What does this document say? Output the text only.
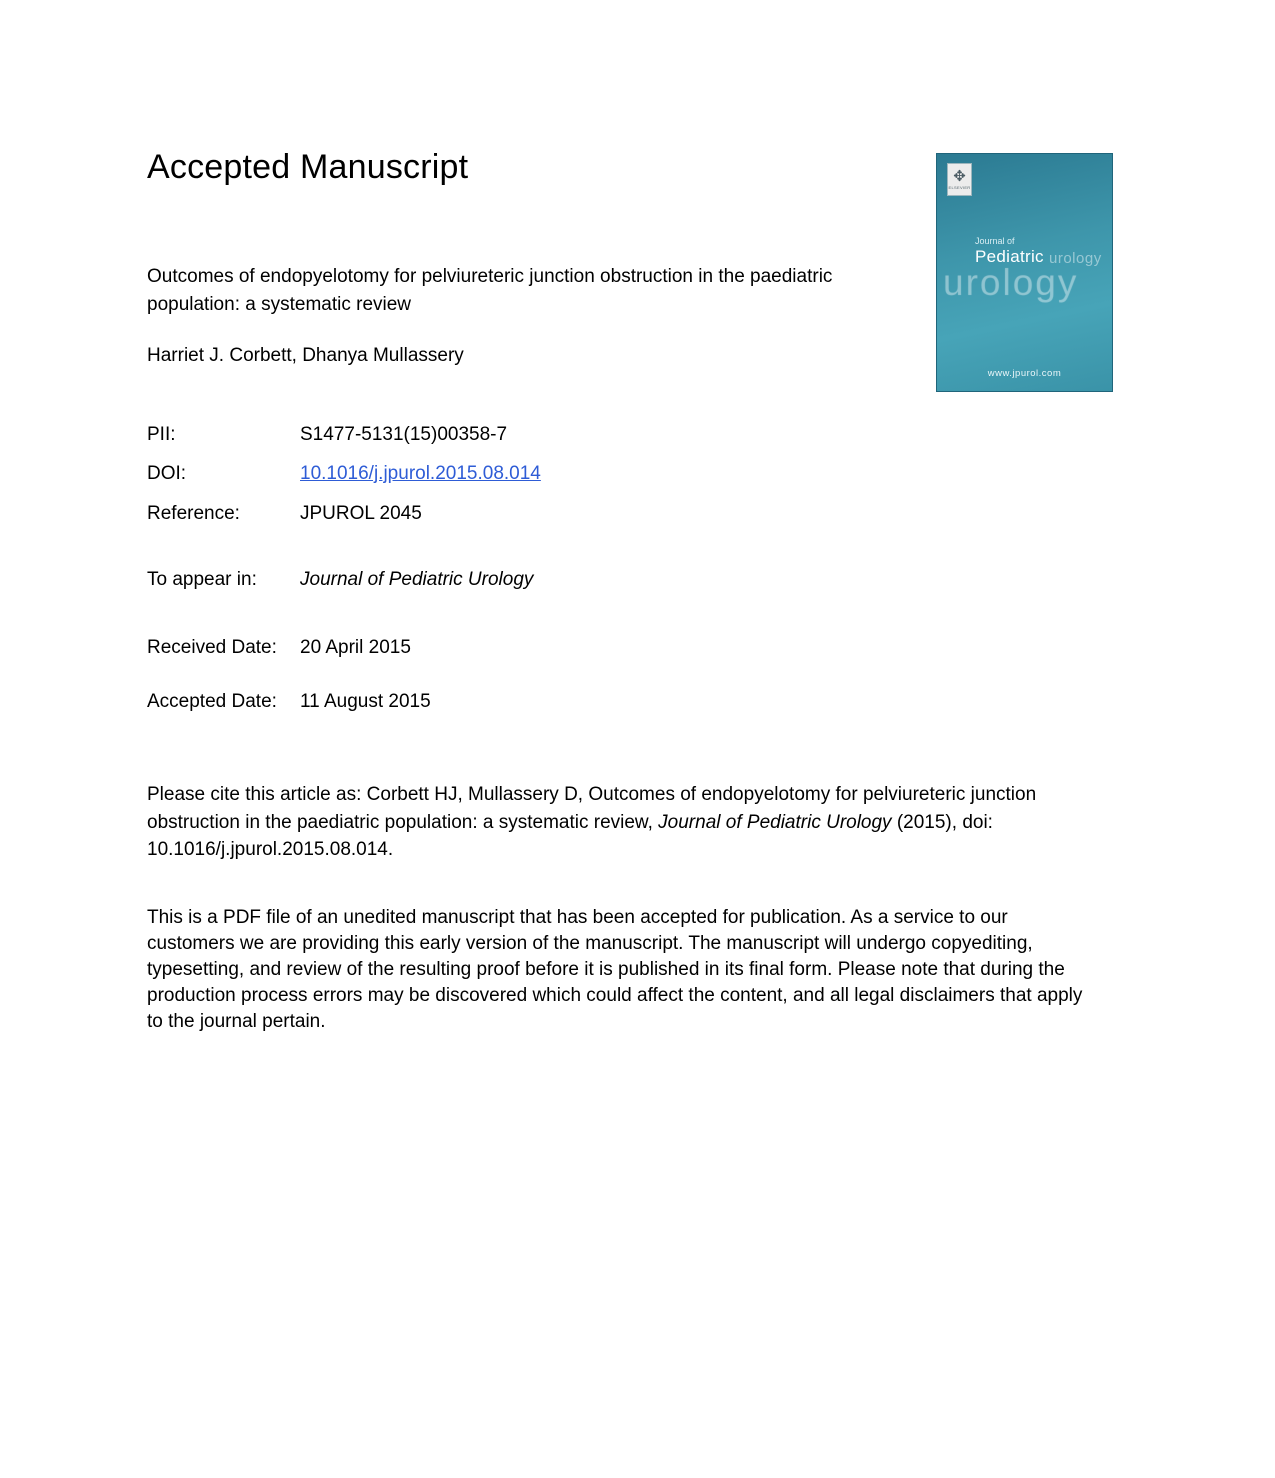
Accepted Manuscript	✥
ELSEVIER
Journal of
Pediatric urology
urology
www.jpurol.com
Outcomes of endopyelotomy for pelviureteric junction obstruction in the paediatric population: a systematic review
Harriet J. Corbett, Dhanya Mullassery
PII:	S1477-5131(15)00358-7
DOI:	10.1016/j.jpurol.2015.08.014
Reference:	JPUROL 2045
To appear in:	Journal of Pediatric Urology
Received Date:	20 April 2015
Accepted Date:	11 August 2015
Please cite this article as: Corbett HJ, Mullassery D, Outcomes of endopyelotomy for pelviureteric junction obstruction in the paediatric population: a systematic review, Journal of Pediatric Urology (2015), doi: 10.1016/j.jpurol.2015.08.014.
This is a PDF file of an unedited manuscript that has been accepted for publication. As a service to our customers we are providing this early version of the manuscript. The manuscript will undergo copyediting, typesetting, and review of the resulting proof before it is published in its final form. Please note that during the production process errors may be discovered which could affect the content, and all legal disclaimers that apply to the journal pertain.
